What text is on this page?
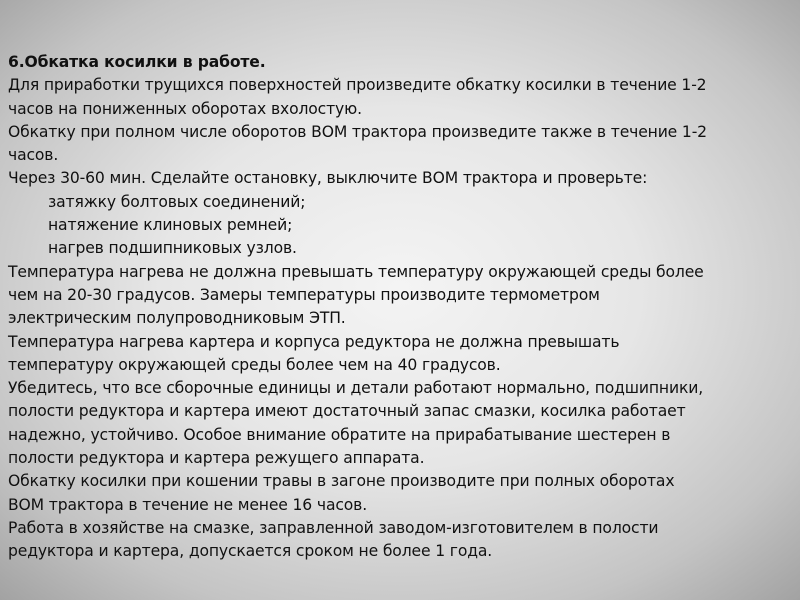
6.Обкатка косилки в работе.
Для приработки трущихся поверхностей произведите обкатку косилки в течение 1-2
часов на пониженных оборотах вхолостую.
Обкатку при полном числе оборотов ВОМ трактора произведите также в течение 1-2
часов.
Через 30-60 мин. Сделайте остановку, выключите ВОМ трактора и проверьте:
затяжку болтовых соединений;
натяжение клиновых ремней;
нагрев подшипниковых узлов.
Температура нагрева не должна превышать температуру окружающей среды более
чем на 20-30 градусов. Замеры температуры производите термометром
электрическим полупроводниковым ЭТП.
Температура нагрева картера и корпуса редуктора не должна превышать
температуру окружающей среды более чем на 40 градусов.
Убедитесь, что все сборочные единицы и детали работают нормально, подшипники,
полости редуктора и картера имеют достаточный запас смазки, косилка работает
надежно, устойчиво. Особое внимание обратите на прирабатывание шестерен в
полости редуктора и картера режущего аппарата.
Обкатку косилки при кошении травы в загоне производите при полных оборотах
ВОМ трактора в течение не менее 16 часов.
Работа в хозяйстве на смазке, заправленной заводом-изготовителем в полости
редуктора и картера, допускается сроком не более 1 года.
